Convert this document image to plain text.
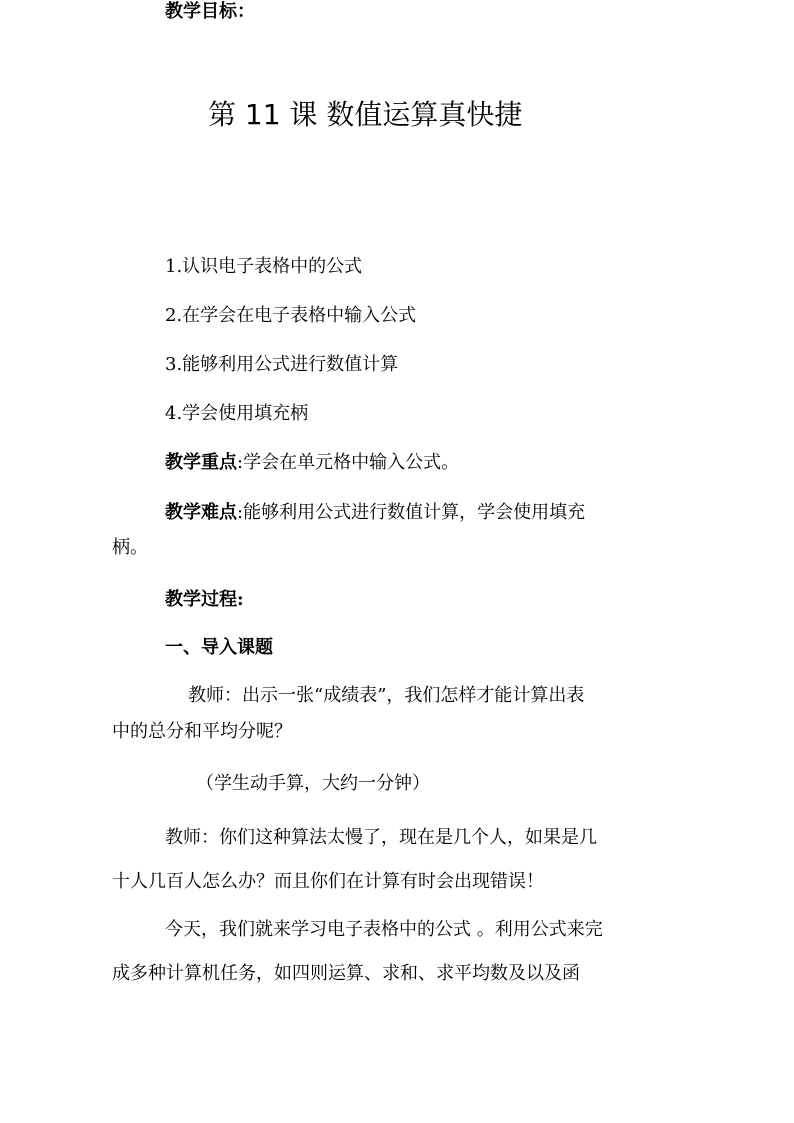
第 11 课 数值运算真快捷
教学目标：
1.认识电子表格中的公式
2.在学会在电子表格中输入公式
3.能够利用公式进行数值计算
4.学会使用填充柄
教学重点:学会在单元格中输入公式。
教学难点:能够利用公式进行数值计算，学会使用填充
柄。
教学过程:
一、导入课题
教师：出示一张“成绩表”，我们怎样才能计算出表
中的总分和平均分呢？
（学生动手算，大约一分钟）
教师：你们这种算法太慢了，现在是几个人，如果是几
十人几百人怎么办？而且你们在计算有时会出现错误！
今天，我们就来学习电子表格中的公式 。利用公式来完
成多种计算机任务，如四则运算、求和、求平均数及以及函
